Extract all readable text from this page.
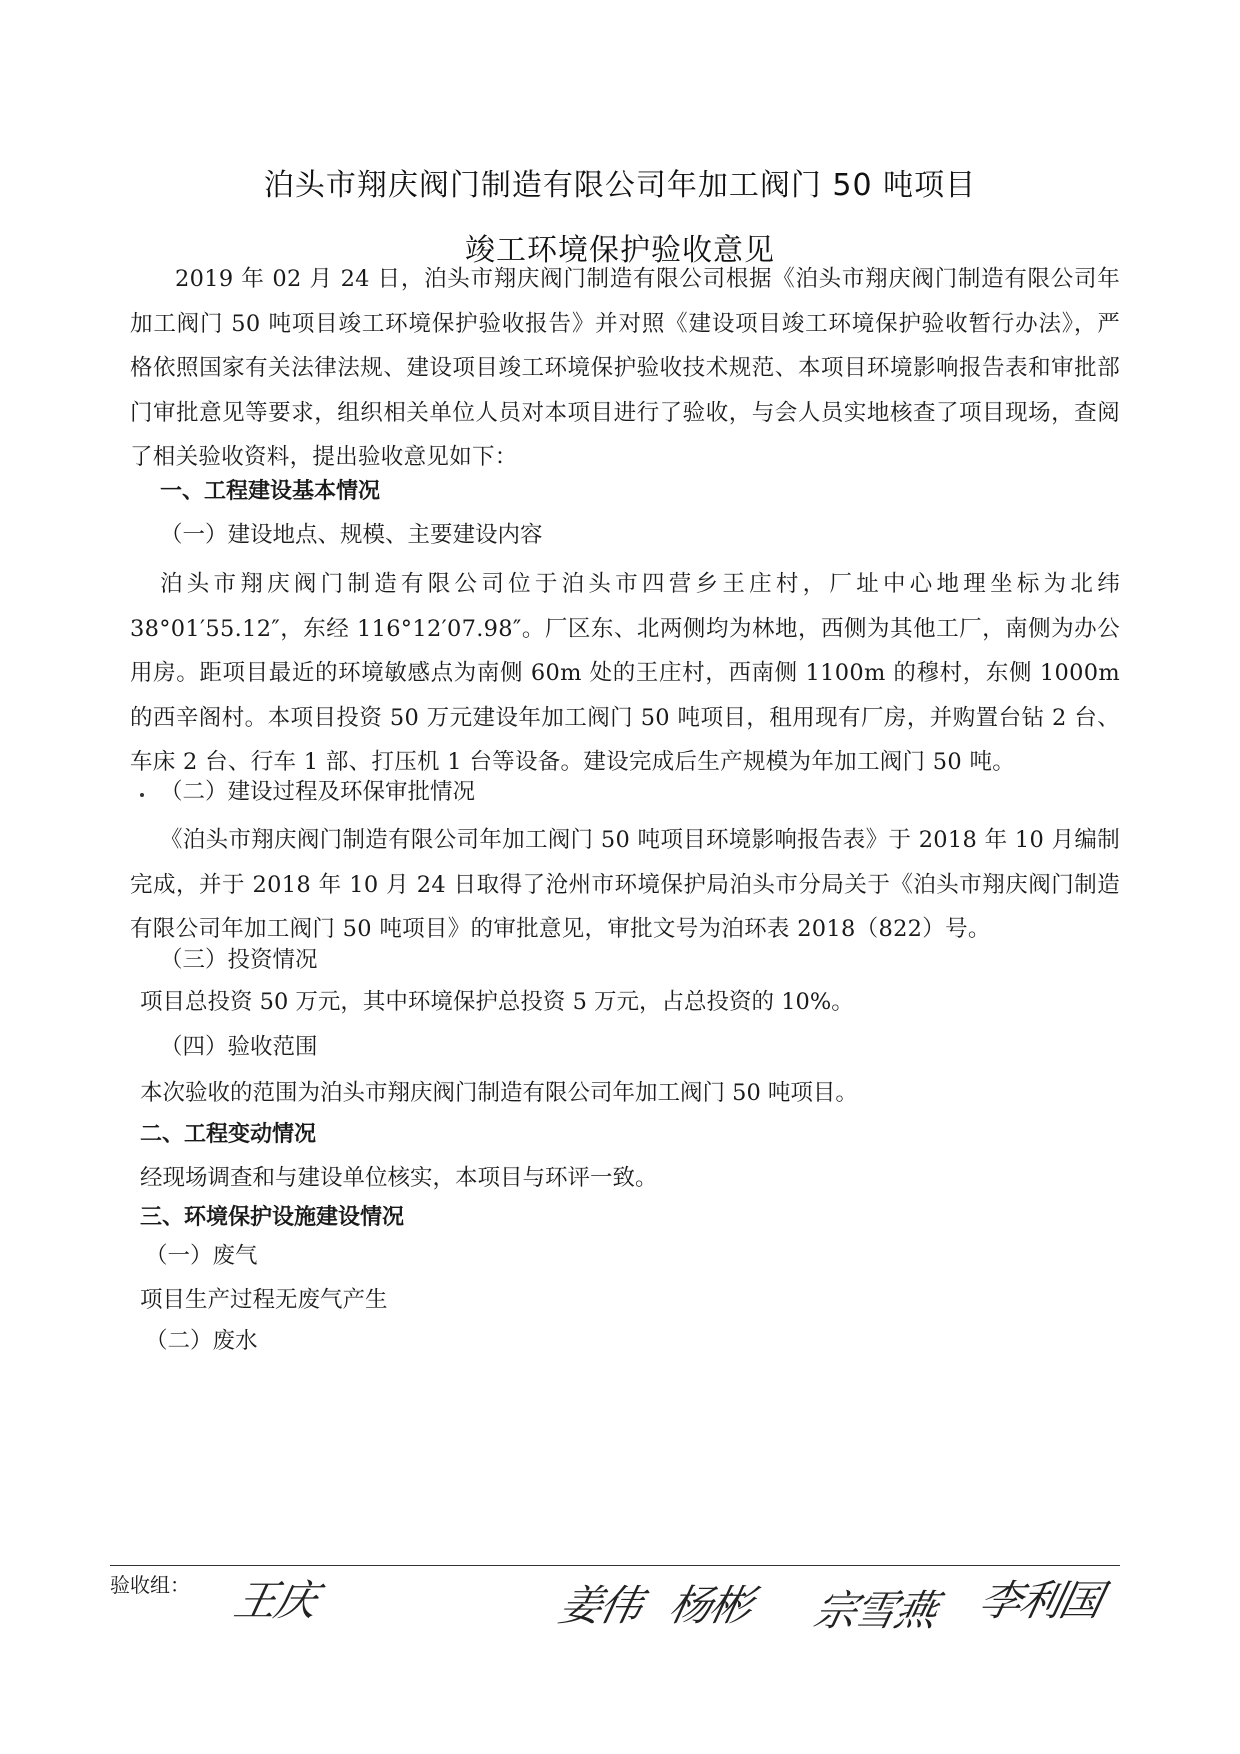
泊头市翔庆阀门制造有限公司年加工阀门 50 吨项目
竣工环境保护验收意见

2019 年 02 月 24 日，泊头市翔庆阀门制造有限公司根据《泊头市翔庆阀门制造有限公司年加工阀门 50 吨项目竣工环境保护验收报告》并对照《建设项目竣工环境保护验收暂行办法》，严格依照国家有关法律法规、建设项目竣工环境保护验收技术规范、本项目环境影响报告表和审批部门审批意见等要求，组织相关单位人员对本项目进行了验收，与会人员实地核查了项目现场，查阅了相关验收资料，提出验收意见如下：

一、工程建设基本情况

（一）建设地点、规模、主要建设内容

泊头市翔庆阀门制造有限公司位于泊头市四营乡王庄村，厂址中心地理坐标为北纬 38°01′55.12″，东经 116°12′07.98″。厂区东、北两侧均为林地，西侧为其他工厂，南侧为办公用房。距项目最近的环境敏感点为南侧 60m 处的王庄村，西南侧 1100m 的穆村，东侧 1000m 的西辛阁村。本项目投资 50 万元建设年加工阀门 50 吨项目，租用现有厂房，并购置台钻 2 台、车床 2 台、行车 1 部、打压机 1 台等设备。建设完成后生产规模为年加工阀门 50 吨。

（二）建设过程及环保审批情况

《泊头市翔庆阀门制造有限公司年加工阀门 50 吨项目环境影响报告表》于 2018 年 10 月编制完成，并于 2018 年 10 月 24 日取得了沧州市环境保护局泊头市分局关于《泊头市翔庆阀门制造有限公司年加工阀门 50 吨项目》的审批意见，审批文号为泊环表 2018（822）号。

（三）投资情况

项目总投资 50 万元，其中环境保护总投资 5 万元，占总投资的 10%。

（四）验收范围

本次验收的范围为泊头市翔庆阀门制造有限公司年加工阀门 50 吨项目。

二、工程变动情况

经现场调查和与建设单位核实，本项目与环评一致。

三、环境保护设施建设情况

（一）废气

项目生产过程无废气产生

（二）废水

验收组： 王庆	姜伟 杨彬 宗雪燕 李利国
